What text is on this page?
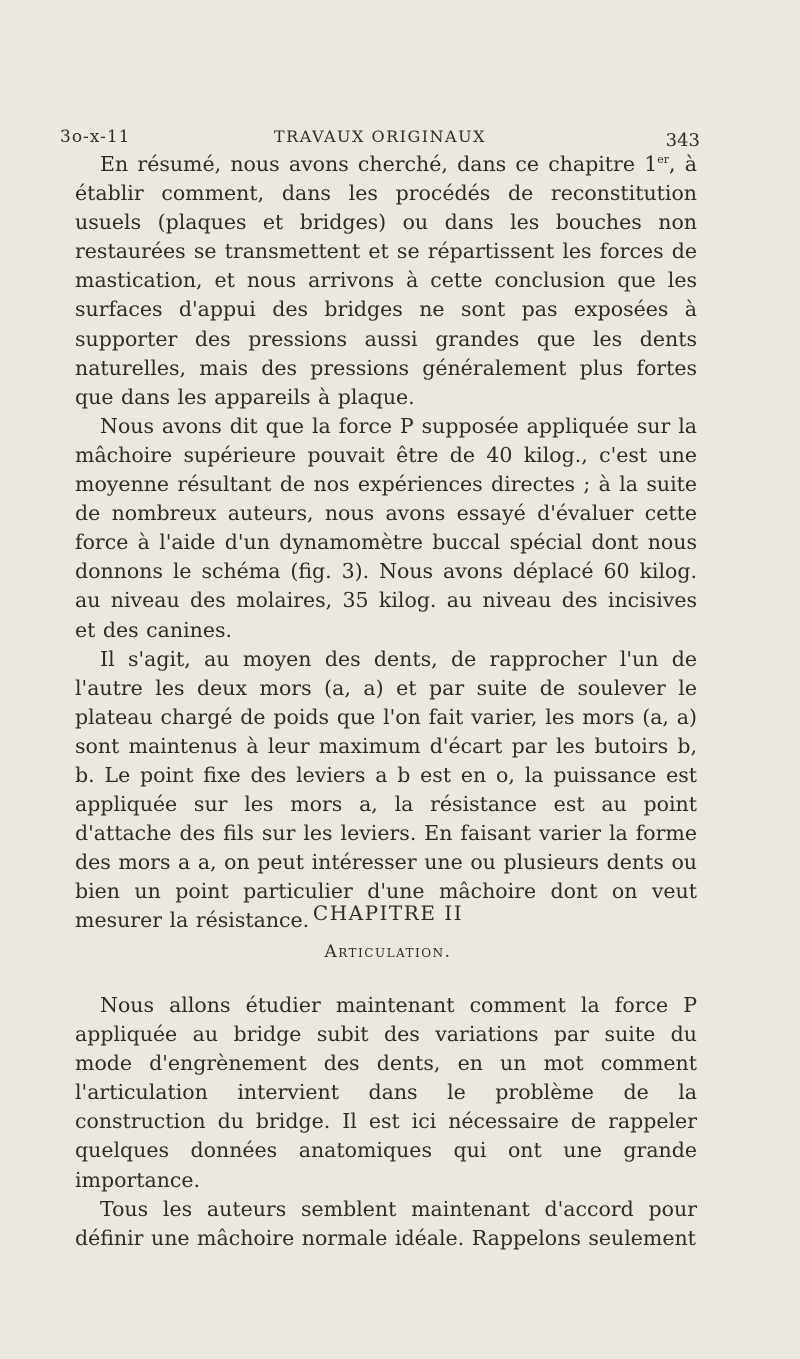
3o-x-11	TRAVAUX ORIGINAUX	343

En résumé, nous avons cherché, dans ce chapitre 1er, à établir comment, dans les procédés de reconstitution usuels (plaques et bridges) ou dans les bouches non restaurées se transmettent et se répartissent les forces de mastication, et nous arrivons à cette conclusion que les surfaces d'appui des bridges ne sont pas exposées à supporter des pressions aussi grandes que les dents naturelles, mais des pressions généralement plus fortes que dans les appareils à plaque.

Nous avons dit que la force P supposée appliquée sur la mâchoire supérieure pouvait être de 40 kilog., c'est une moyenne résultant de nos expériences directes ; à la suite de nombreux auteurs, nous avons essayé d'évaluer cette force à l'aide d'un dynamomètre buccal spécial dont nous donnons le schéma (fig. 3). Nous avons déplacé 60 kilog. au niveau des molaires, 35 kilog. au niveau des incisives et des canines.

Il s'agit, au moyen des dents, de rapprocher l'un de l'autre les deux mors (a, a) et par suite de soulever le plateau chargé de poids que l'on fait varier, les mors (a, a) sont maintenus à leur maximum d'écart par les butoirs b, b. Le point fixe des leviers a b est en o, la puissance est appliquée sur les mors a, la résistance est au point d'attache des fils sur les leviers. En faisant varier la forme des mors a a, on peut intéresser une ou plusieurs dents ou bien un point particulier d'une mâchoire dont on veut mesurer la résistance. CHAPITRE II
Articulation.

Nous allons étudier maintenant comment la force P appliquée au bridge subit des variations par suite du mode d'engrènement des dents, en un mot comment l'articulation intervient dans le problème de la construction du bridge. Il est ici nécessaire de rappeler quelques données anatomiques qui ont une grande importance.

Tous les auteurs semblent maintenant d'accord pour définir une mâchoire normale idéale. Rappelons seulement
